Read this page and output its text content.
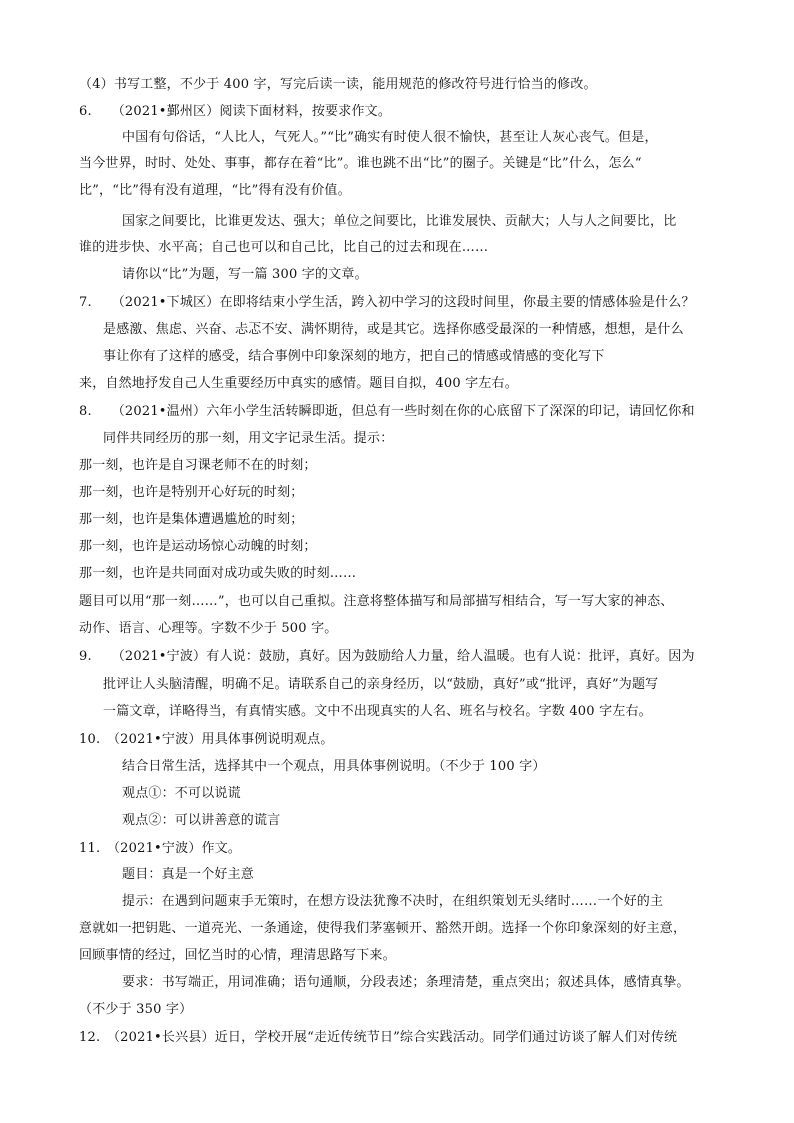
（4）书写工整，不少于 400 字，写完后读一读，能用规范的修改符号进行恰当的修改。
6.　　（2021•鄞州区）阅读下面材料，按要求作文。
中国有句俗话，“人比人，气死人。”“比”确实有时使人很不愉快，甚至让人灰心丧气。但是，
当今世界，时时、处处、事事，都存在着“比”。谁也跳不出“比”的圈子。关键是“比”什么，怎么“
比”，“比”得有没有道理，“比”得有没有价值。
国家之间要比，比谁更发达、强大；单位之间要比，比谁发展快、贡献大；人与人之间要比，比
谁的进步快、水平高；自己也可以和自己比，比自己的过去和现在……
请你以“比”为题，写一篇 300 字的文章。
7.　　（2021•下城区）在即将结束小学生活，跨入初中学习的这段时间里，你最主要的情感体验是什么？
是感激、焦虑、兴奋、忐忑不安、满怀期待，或是其它。选择你感受最深的一种情感，想想，是什么
事让你有了这样的感受，结合事例中印象深刻的地方，把自己的情感或情感的变化写下
来，自然地抒发自己人生重要经历中真实的感情。题目自拟，400 字左右。
8.　　（2021•温州）六年小学生活转瞬即逝，但总有一些时刻在你的心底留下了深深的印记，请回忆你和
同伴共同经历的那一刻，用文字记录生活。提示：
那一刻，也许是自习课老师不在的时刻；
那一刻，也许是特别开心好玩的时刻；
那一刻，也许是集体遭遇尴尬的时刻；
那一刻，也许是运动场惊心动魄的时刻；
那一刻，也许是共同面对成功或失败的时刻……
题目可以用“那一刻……”，也可以自己重拟。注意将整体描写和局部描写相结合，写一写大家的神态、
动作、语言、心理等。字数不少于 500 字。
9.　　（2021•宁波）有人说：鼓励，真好。因为鼓励给人力量，给人温暖。也有人说：批评，真好。因为
批评让人头脑清醒，明确不足。请联系自己的亲身经历，以“鼓励，真好”或“批评，真好”为题写
一篇文章，详略得当，有真情实感。文中不出现真实的人名、班名与校名。字数 400 字左右。
10.　（2021•宁波）用具体事例说明观点。
结合日常生活，选择其中一个观点，用具体事例说明。（不少于 100 字）
观点①：不可以说谎
观点②：可以讲善意的谎言
11.　（2021•宁波）作文。
题目：真是一个好主意
提示：在遇到问题束手无策时，在想方设法犹豫不决时，在组织策划无头绪时……一个好的主
意就如一把钥匙、一道亮光、一条通途，使得我们茅塞顿开、豁然开朗。选择一个你印象深刻的好主意，
回顾事情的经过，回忆当时的心情，理清思路写下来。
要求：书写端正，用词准确；语句通顺，分段表述；条理清楚，重点突出；叙述具体，感情真挚。
（不少于 350 字）
12.　（2021•长兴县）近日，学校开展“走近传统节日”综合实践活动。同学们通过访谈了解人们对传统
